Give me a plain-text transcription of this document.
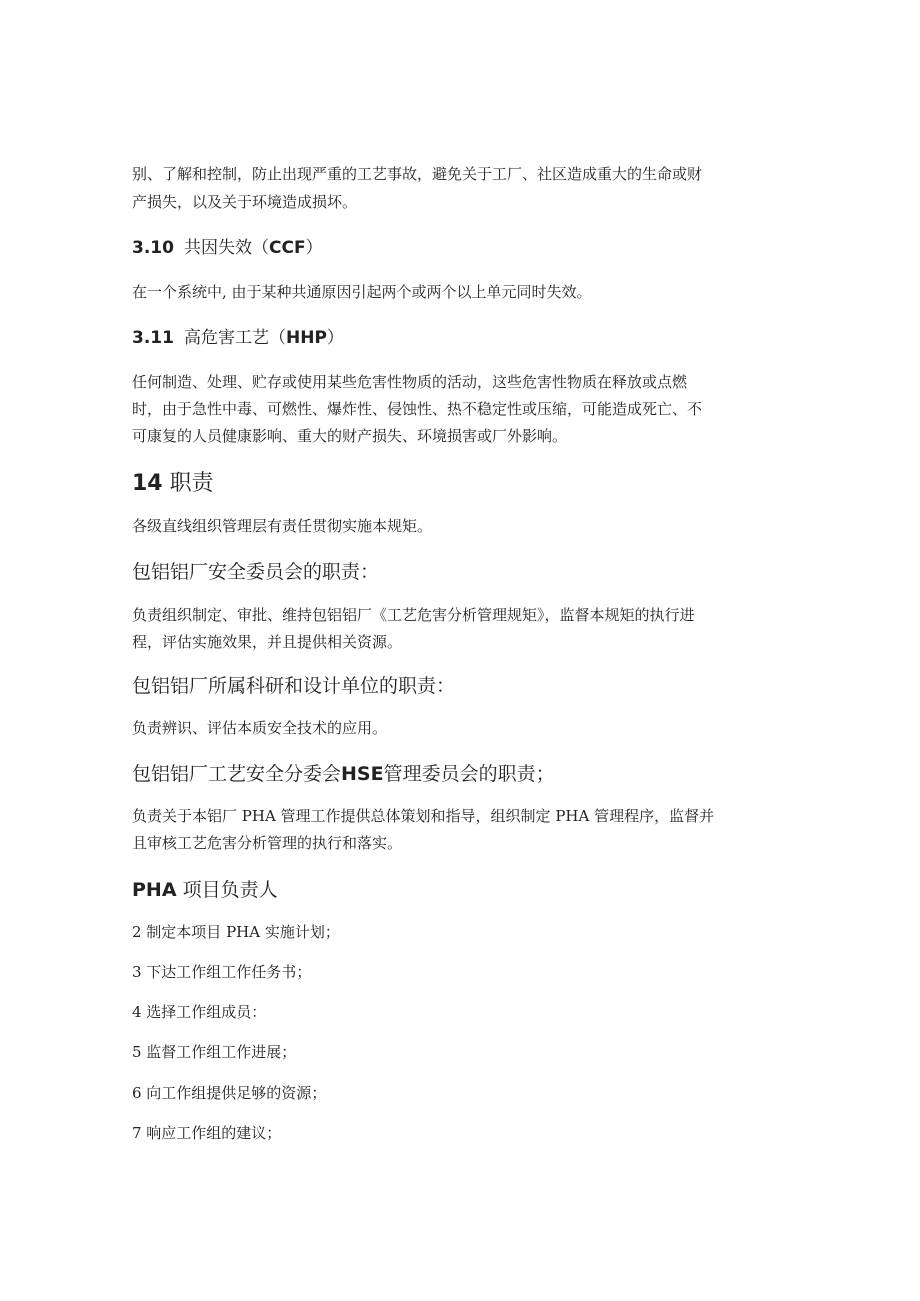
别、了解和控制，防止出现严重的工艺事故，避免关于工厂、社区造成重大的生命或财

产损失，以及关于环境造成损坏。

3.10 共因失效（CCF）

在一个系统中, 由于某种共通原因引起两个或两个以上单元同时失效。

3.11 高危害工艺（HHP）

任何制造、处理、贮存或使用某些危害性物质的活动，这些危害性物质在释放或点燃

时，由于急性中毒、可燃性、爆炸性、侵蚀性、热不稳定性或压缩，可能造成死亡、不

可康复的人员健康影响、重大的财产损失、环境损害或厂外影响。

14 职责

各级直线组织管理层有责任贯彻实施本规矩。

包铝铝厂安全委员会的职责：

负责组织制定、审批、维持包铝铝厂《工艺危害分析管理规矩》，监督本规矩的执行进

程，评估实施效果，并且提供相关资源。

包铝铝厂所属科研和设计单位的职责：

负责辨识、评估本质安全技术的应用。

包铝铝厂工艺安全分委会HSE管理委员会的职责；

负责关于本铝厂 PHA 管理工作提供总体策划和指导，组织制定 PHA 管理程序，监督并

且审核工艺危害分析管理的执行和落实。

PHA 项目负责人

2 制定本项目 PHA 实施计划；

3 下达工作组工作任务书；

4 选择工作组成员：

5 监督工作组工作进展；

6 向工作组提供足够的资源；

7 响应工作组的建议；
